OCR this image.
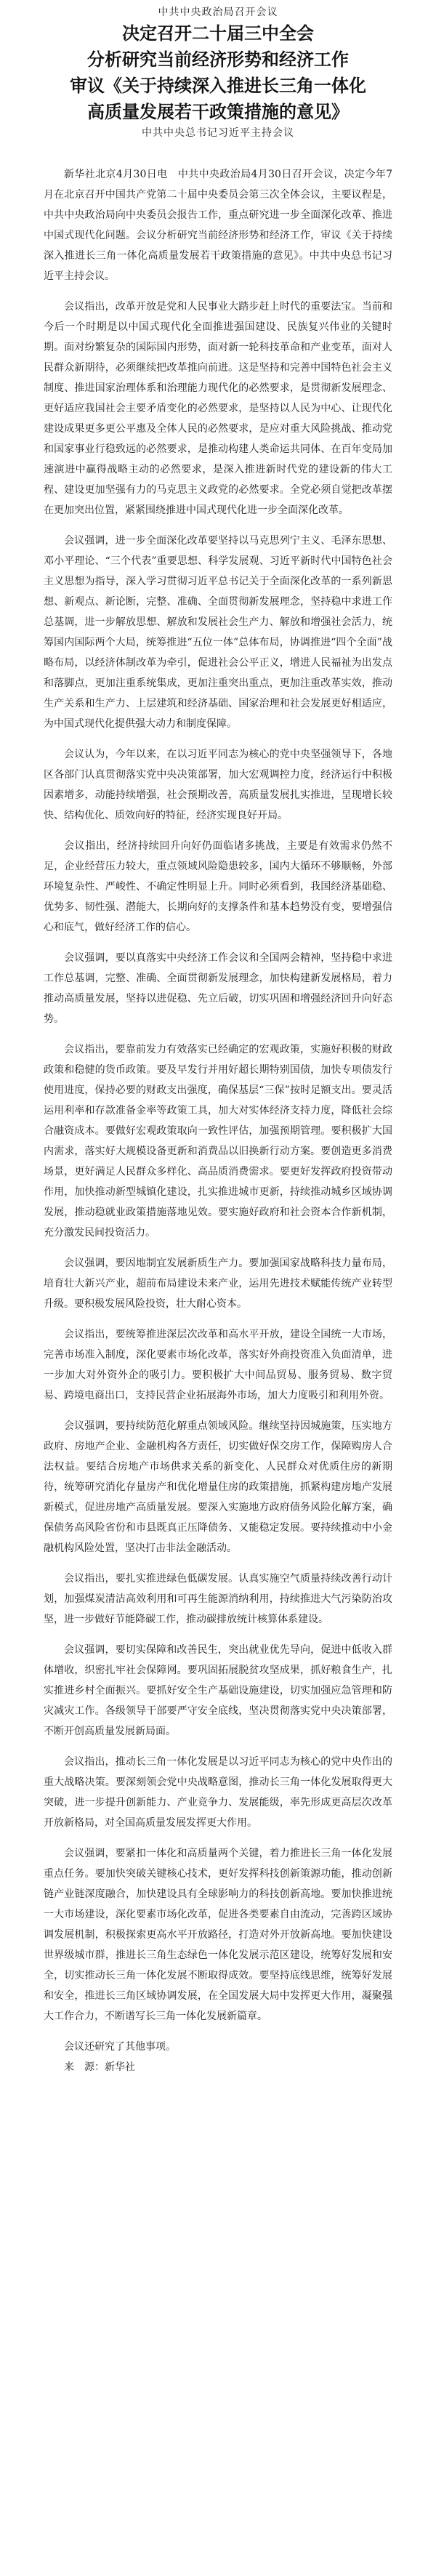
中共中央政治局召开会议

决定召开二十届三中全会

分析研究当前经济形势和经济工作

审议《关于持续深入推进长三角一体化

高质量发展若干政策措施的意见》

中共中央总书记习近平主持会议

新华社北京4月30日电　中共中央政治局4月30日召开会议，决定今年7月在北京召开中国共产党第二十届中央委员会第三次全体会议，主要议程是，中共中央政治局向中央委员会报告工作，重点研究进一步全面深化改革、推进中国式现代化问题。会议分析研究当前经济形势和经济工作，审议《关于持续深入推进长三角一体化高质量发展若干政策措施的意见》。中共中央总书记习近平主持会议。

会议指出，改革开放是党和人民事业大踏步赶上时代的重要法宝。当前和今后一个时期是以中国式现代化全面推进强国建设、民族复兴伟业的关键时期。面对纷繁复杂的国际国内形势，面对新一轮科技革命和产业变革，面对人民群众新期待，必须继续把改革推向前进。这是坚持和完善中国特色社会主义制度、推进国家治理体系和治理能力现代化的必然要求，是贯彻新发展理念、更好适应我国社会主要矛盾变化的必然要求，是坚持以人民为中心、让现代化建设成果更多更公平惠及全体人民的必然要求，是应对重大风险挑战、推动党和国家事业行稳致远的必然要求，是推动构建人类命运共同体、在百年变局加速演进中赢得战略主动的必然要求，是深入推进新时代党的建设新的伟大工程、建设更加坚强有力的马克思主义政党的必然要求。全党必须自觉把改革摆在更加突出位置，紧紧围绕推进中国式现代化进一步全面深化改革。

会议强调，进一步全面深化改革要坚持以马克思列宁主义、毛泽东思想、邓小平理论、“三个代表”重要思想、科学发展观、习近平新时代中国特色社会主义思想为指导，深入学习贯彻习近平总书记关于全面深化改革的一系列新思想、新观点、新论断，完整、准确、全面贯彻新发展理念，坚持稳中求进工作总基调，进一步解放思想、解放和发展社会生产力、解放和增强社会活力，统筹国内国际两个大局，统筹推进“五位一体”总体布局，协调推进“四个全面”战略布局，以经济体制改革为牵引，促进社会公平正义，增进人民福祉为出发点和落脚点，更加注重系统集成，更加注重突出重点，更加注重改革实效，推动生产关系和生产力、上层建筑和经济基础、国家治理和社会发展更好相适应，为中国式现代化提供强大动力和制度保障。

会议认为，今年以来，在以习近平同志为核心的党中央坚强领导下，各地区各部门认真贯彻落实党中央决策部署，加大宏观调控力度，经济运行中积极因素增多，动能持续增强，社会预期改善，高质量发展扎实推进，呈现增长较快、结构优化、质效向好的特征，经济实现良好开局。

会议指出，经济持续回升向好仍面临诸多挑战，主要是有效需求仍然不足，企业经营压力较大，重点领域风险隐患较多，国内大循环不够顺畅，外部环境复杂性、严峻性、不确定性明显上升。同时必须看到，我国经济基础稳、优势多、韧性强、潜能大，长期向好的支撑条件和基本趋势没有变，要增强信心和底气，做好经济工作的信心。

会议强调，要以真落实中央经济工作会议和全国两会精神，坚持稳中求进工作总基调，完整、准确、全面贯彻新发展理念，加快构建新发展格局，着力推动高质量发展，坚持以进促稳、先立后破，切实巩固和增强经济回升向好态势。

会议指出，要靠前发力有效落实已经确定的宏观政策，实施好积极的财政政策和稳健的货币政策。要及早发行并用好超长期特别国债，加快专项债发行使用进度，保持必要的财政支出强度，确保基层“三保”按时足额支出。要灵活运用利率和存款准备金率等政策工具，加大对实体经济支持力度，降低社会综合融资成本。要做好宏观政策取向一致性评估，加强预期管理。要积极扩大国内需求，落实好大规模设备更新和消费品以旧换新行动方案。要创造更多消费场景，更好满足人民群众多样化、高品质消费需求。要更好发挥政府投资带动作用，加快推动新型城镇化建设，扎实推进城市更新，持续推动城乡区域协调发展，推动稳就业政策措施落地见效。要实施好政府和社会资本合作新机制，充分激发民间投资活力。

会议强调，要因地制宜发展新质生产力。要加强国家战略科技力量布局，培育壮大新兴产业，超前布局建设未来产业，运用先进技术赋能传统产业转型升级。要积极发展风险投资，壮大耐心资本。

会议指出，要统筹推进深层次改革和高水平开放，建设全国统一大市场，完善市场准入制度，深化要素市场化改革，落实好外商投资准入负面清单，进一步加大对外资外企的吸引力。要积极扩大中间品贸易、服务贸易、数字贸易、跨境电商出口，支持民营企业拓展海外市场，加大力度吸引和利用外资。

会议强调，要持续防范化解重点领域风险。继续坚持因城施策，压实地方政府、房地产企业、金融机构各方责任，切实做好保交房工作，保障购房人合法权益。要结合房地产市场供求关系的新变化、人民群众对优质住房的新期待，统筹研究消化存量房产和优化增量住房的政策措施，抓紧构建房地产发展新模式，促进房地产高质量发展。要深入实施地方政府债务风险化解方案，确保债务高风险省份和市县既真正压降债务、又能稳定发展。要持续推动中小金融机构风险处置，坚决打击非法金融活动。

会议指出，要扎实推进绿色低碳发展。认真实施空气质量持续改善行动计划，加强煤炭清洁高效利用和可再生能源消纳利用，持续推进大气污染防治攻坚，进一步做好节能降碳工作，推动碳排放统计核算体系建设。

会议强调，要切实保障和改善民生，突出就业优先导向，促进中低收入群体增收，织密扎牢社会保障网。要巩固拓展脱贫攻坚成果，抓好粮食生产，扎实推进乡村全面振兴。要抓好安全生产基础设施建设，切实加强应急管理和防灾减灾工作。各级领导干部要严守安全底线，坚决贯彻落实党中央决策部署，不断开创高质量发展新局面。

会议指出，推动长三角一体化发展是以习近平同志为核心的党中央作出的重大战略决策。要深刻领会党中央战略意图，推动长三角一体化发展取得更大突破，进一步提升创新能力、产业竞争力、发展能级，率先形成更高层次改革开放新格局，对全国高质量发展发挥更大作用。

会议强调，要紧扣一体化和高质量两个关键，着力推进长三角一体化发展重点任务。要加快突破关键核心技术，更好发挥科技创新策源功能，推动创新链产业链深度融合，加快建设具有全球影响力的科技创新高地。要加快推进统一大市场建设，深化要素市场化改革，促进各类要素自由流动，完善跨区域协调发展机制，积极探索更高水平开放路径，打造对外开放新高地。要加快建设世界级城市群，推进长三角生态绿色一体化发展示范区建设，统筹好发展和安全，切实推动长三角一体化发展不断取得成效。要坚持底线思维，统筹好发展和安全，推进长三角区域协调发展，在全国发展大局中发挥更大作用，凝聚强大工作合力，不断谱写长三角一体化发展新篇章。

会议还研究了其他事项。

来　源：新华社
